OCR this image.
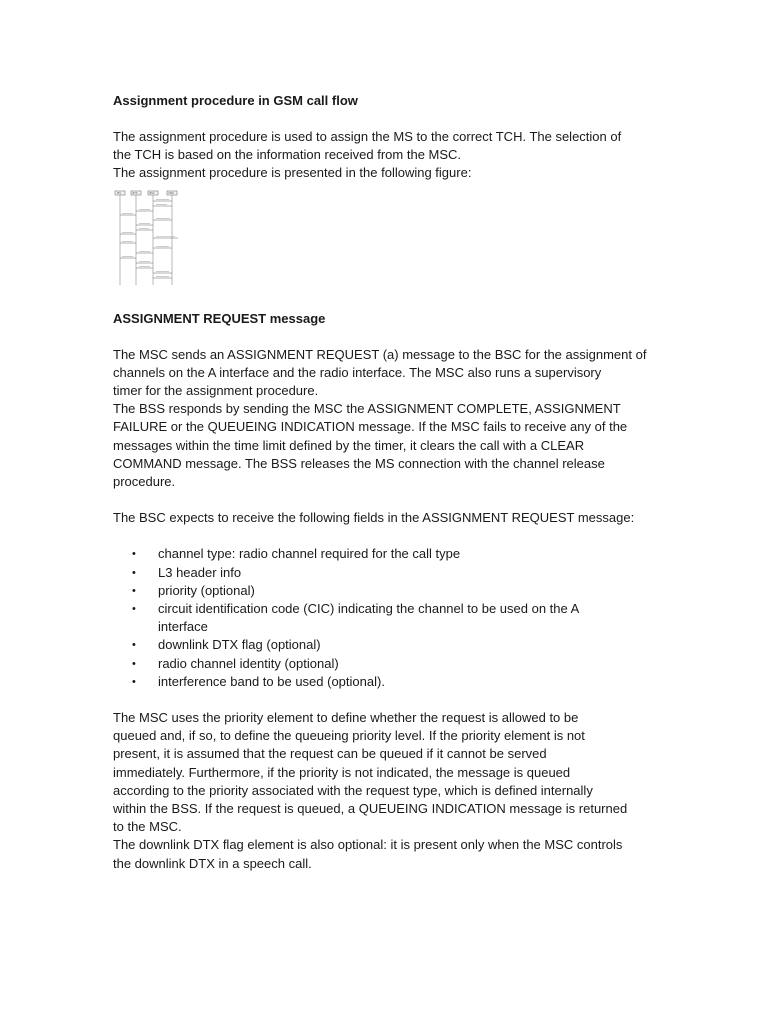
Assignment procedure in GSM call flow

The assignment procedure is used to assign the MS to the correct TCH. The selection of

the TCH is based on the information received from the MSC.

The assignment procedure is presented in the following figure:

MS	BTS	BSC	MSC

ASSIGNMENT REQUEST message

The MSC sends an ASSIGNMENT REQUEST (a) message to the BSC for the assignment of

channels on the A interface and the radio interface. The MSC also runs a supervisory

timer for the assignment procedure.

The BSS responds by sending the MSC the ASSIGNMENT COMPLETE, ASSIGNMENT

FAILURE or the QUEUEING INDICATION message. If the MSC fails to receive any of the

messages within the time limit defined by the timer, it clears the call with a CLEAR

COMMAND message. The BSS releases the MS connection with the channel release

procedure.

The BSC expects to receive the following fields in the ASSIGNMENT REQUEST message:

• channel type: radio channel required for the call type
• L3 header info
• priority (optional)
• circuit identification code (CIC) indicating the channel to be used on the A
interface
• downlink DTX flag (optional)
• radio channel identity (optional)
• interference band to be used (optional).

The MSC uses the priority element to define whether the request is allowed to be

queued and, if so, to define the queueing priority level. If the priority element is not

present, it is assumed that the request can be queued if it cannot be served

immediately. Furthermore, if the priority is not indicated, the message is queued

according to the priority associated with the request type, which is defined internally

within the BSS. If the request is queued, a QUEUEING INDICATION message is returned

to the MSC.

The downlink DTX flag element is also optional: it is present only when the MSC controls

the downlink DTX in a speech call.
